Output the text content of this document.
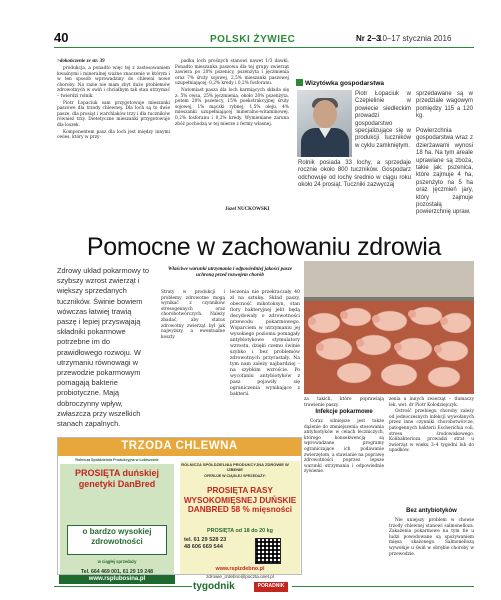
40	POLSKI ŻYWIEC	Nr 2–3
10–17 stycznia 2016
>dokończenie ze str. 39

produkcja, a ponadto więc tej z zastosowaniem kwaśnymi i mineralnej ważne znaczenie w którym i w ten sposób wprowadziny do chlewni nowe choroby. Na razie nie mam zbyt dużo problemów zdrowotnych w swiń i chciałbym tak stan utrzymać – twierdzi rolnik.

Piotr Łopaciuk sam przygotowuje mieszanki paszowe dla trzody chlewnej. Dla loch są to dwie pasze, dla prosiąt i warchlaków trzy i dla tuczników również trzy. Dietetyczne mieszanki przygotowuje dla loszek.

Komponentem pasz dla loch jest między innymi owies, który w przy-

padku loch prośnych stanowi nawet 1/3 dawki. Ponadto mieszanka paszowa dla tej grupy zwierząt zawiera po 20% pszenicy, pszenżyta i jęczmienia oraz 7% śruty sojowej, 2,5% mieszanki paszowej uzupełniającej, 0,2% kredy i 0,2% fosforanu.

Natomiast pasza dla loch karmiących składa się z: 5% owsa, 25% jęczmienia, około 20% pszenżyta, potem 20% pszenicy, 15% poekstrakcyjnej śruty sojowej, 1% mączki rybnej, 1,5% oleju, 4% mieszanki uzupełniającej mineralno-witaminowej, 0,2% fosforanu i 0,2% kredy. Wymieniane zaruna zbóż pochodzą w tej mierze z fermy własnej.

Józef NUCKOWSKI
Wizytówka gospodarstwa
Piotr Łopaciuk w Czepielinie w powiecie siedleckim prowadzi gospodarstwo specjalizujące się w produkcji tuczników w cyklu zamkniętym.
Rolnik posiada 33 lochy, a sprzedaje rocznie około 800 tuczników. Gospodarz odchowuje od lochy średnio w ciągu roku około 24 prosiąt. Tuczniki zazwyczaj
sprzedawane są w przedziale wagowym pomiędzy 115 a 120 kg.
Powierzchnia gospodarstwa wraz z dzierżawami wynosi 18 ha. Na tym areale uprawiane są zboża, takie jak: pszenica, które zajmuje 4 ha, pszenżyto na 5 ha oraz jęczmień jary, który zajmuje pozostałą powierzchnię upraw.
Pomocne w zachowaniu zdrowia
Zdrowy układ pokarmowy to szybszy wzrost zwierząt i większy sprzedanych tuczników. Świnie bowiem wówczas łatwiej trawią paszę i lepiej przyswajają składniki pokarmowe potrzebne im do prawidłowego rozwoju. W utrzymaniu równowagi w przewodzie pokarmowym pomagają bakterie probiotyczne. Mają dobroczynny wpływ, zwłaszcza przy wszelkich stanach zapalnych.
Właściwe warunki utrzymania i odpowiedniej jakości pasze uchroną przed rozwojem chorób

Straty w produkcji i problemy zdrowotne mogą wynikać z czynników stresogennych oraz chorobotwórczych. Należy zbadać, aby status zdrowotny zwierząt był jak najwyższy, a ewentualne koszty

leczenia nie przekraczały 40 zł na sztukę. Skład paszy, obecność mikotoksyn, stan flory bakteryjnej jelit będą decydowały o zdrowotności przewodu pokarmowego. Wsparciem w utrzymaniu jej wysokiego poziomu pomagały antybiotykowe stymulatory wzrostu, dzięki czemu świnie szybko i bez problemów zdrowotnych przyrastały. Na tym nam zależy najbardziej – na szybkim wzroście. Po wycofaniu antybiotyków z pasz pojawiły się ograniczenia wynikające z bakterii.

za takich, które poprawiają trawienie paszy.

Infekcje pokarmowe

Coraz silniejsze jest także dążenie do zmniejszenia stosowania antybiotyków w celach leczniczych, którego konsekwencją są wprowadzane programy ograniczające ich podawanie zwierzętom, a stawianie na poprawę zdrowotności poprzez lepsze warunki utrzymania i odpowiednie żywienie.

zenia u innych zwierząt – tłumaczy lek. wet. dr Piotr Kołodziejczyk.

Ostrość przebiegu choroby zależy od jednoczesnych infekcji wywołanych przez inne czynniki chorobotwórcze, patogennych bakterii Escherichia coli, stresu środowiskowego. Kolibakterioza prowadzi strat u zwierząt w wieku 3–4 tygodni lub do upadków.

Bez antybiotyków

Nie uniejszy problem w chowie trzody chlewnej stanowi salmonelloza. Zakażenia pokarmowe na tym tle u ludzi powodowane są spożywaniem mięsa skażonego. Salmonellozą wywołuje u świń w obrębie choroby w przewodzie.

TRZODA CHLEWNA
Rolnicza Spółdzielnia Produkcyjna w Łobiszewie
PROSIĘTA duńskiej genetyki DanBred
o bardzo wysokiej zdrowotności
w ciągłej sprzedaży
Tel. 664 469 001, 61 29 19 248
www.rsplubosina.pl
ROLNICZA SPÓŁDZIELNIA PRODUKCYJNA ZDROWIE W IZBENIE
OFERUJE W CIĄGŁEJ SPRZEDAŻY:
PROSIĘTA RASY WYSOKOMIĘSNEJ DUŃSKIE DANBRED 58 % mięsności
PROSIĘTA od 18 do 20 kg
tel. 61 29 528 23
48 606 669 544
www.rspizdebno.pl
zdrowie_izdebno@poczta.onet.pl
tygodnik	PORADNIK
